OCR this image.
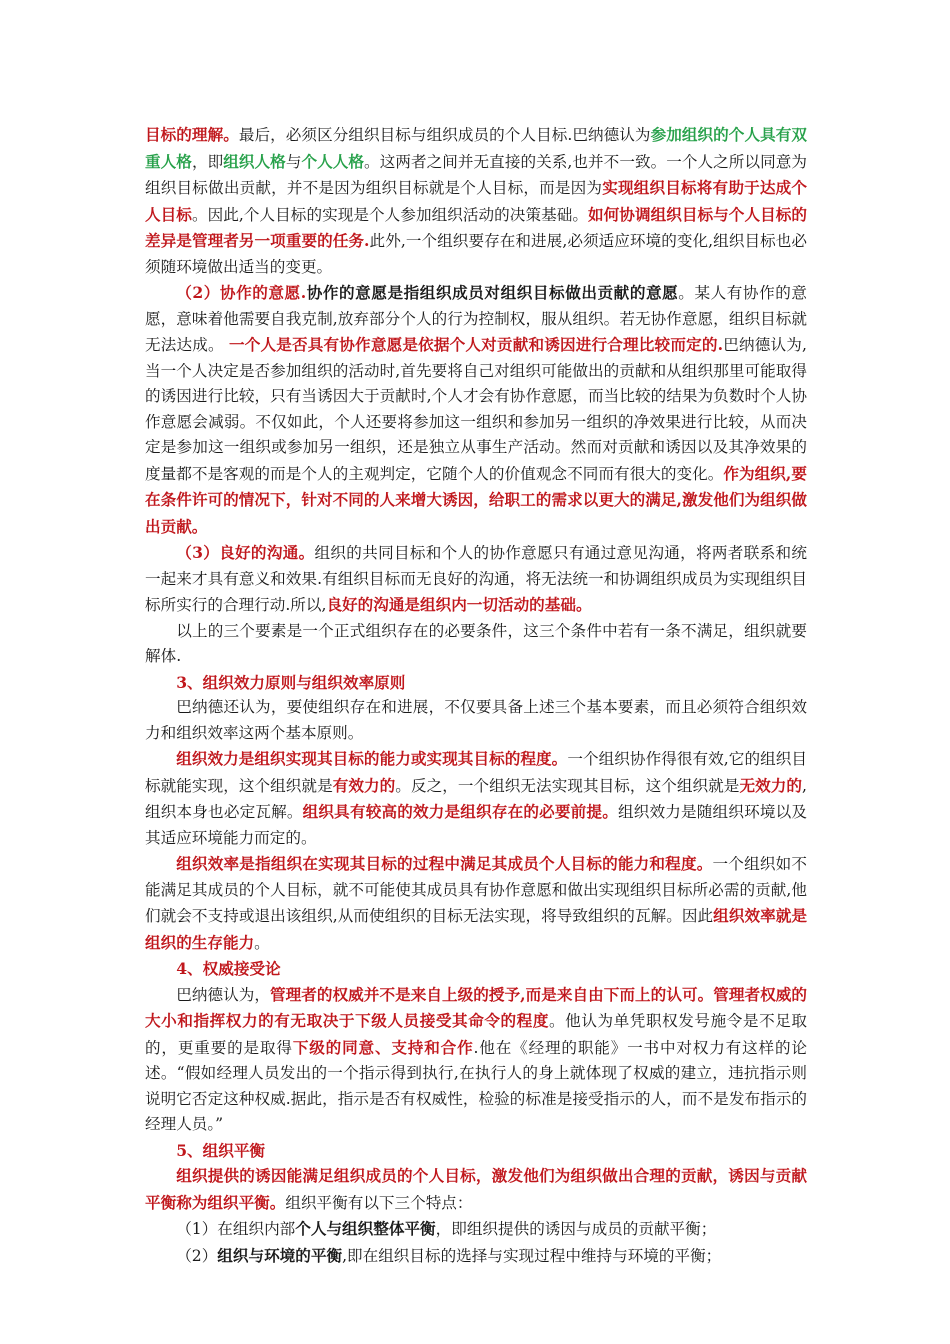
目标的理解。最后，必须区分组织目标与组织成员的个人目标.巴纳德认为参加组织的个人具有双重人格，即组织人格与个人人格。这两者之间并无直接的关系,也并不一致。一个人之所以同意为组织目标做出贡献，并不是因为组织目标就是个人目标，而是因为实现组织目标将有助于达成个人目标。因此,个人目标的实现是个人参加组织活动的决策基础。如何协调组织目标与个人目标的差异是管理者另一项重要的任务.此外,一个组织要存在和进展,必须适应环境的变化,组织目标也必须随环境做出适当的变更。

（2）协作的意愿.协作的意愿是指组织成员对组织目标做出贡献的意愿。某人有协作的意愿，意味着他需要自我克制,放弃部分个人的行为控制权，服从组织。若无协作意愿，组织目标就无法达成。 一个人是否具有协作意愿是依据个人对贡献和诱因进行合理比较而定的.巴纳德认为,当一个人决定是否参加组织的活动时,首先要将自己对组织可能做出的贡献和从组织那里可能取得的诱因进行比较，只有当诱因大于贡献时,个人才会有协作意愿，而当比较的结果为负数时个人协作意愿会减弱。不仅如此，个人还要将参加这一组织和参加另一组织的净效果进行比较，从而决定是参加这一组织或参加另一组织，还是独立从事生产活动。然而对贡献和诱因以及其净效果的度量都不是客观的而是个人的主观判定，它随个人的价值观念不同而有很大的变化。作为组织,要在条件许可的情况下，针对不同的人来增大诱因，给职工的需求以更大的满足,激发他们为组织做出贡献。

（3）良好的沟通。组织的共同目标和个人的协作意愿只有通过意见沟通，将两者联系和统一起来才具有意义和效果.有组织目标而无良好的沟通，将无法统一和协调组织成员为实现组织目标所实行的合理行动.所以,良好的沟通是组织内一切活动的基础。

以上的三个要素是一个正式组织存在的必要条件，这三个条件中若有一条不满足，组织就要解体.

3、组织效力原则与组织效率原则

巴纳德还认为，要使组织存在和进展，不仅要具备上述三个基本要素，而且必须符合组织效力和组织效率这两个基本原则。

组织效力是组织实现其目标的能力或实现其目标的程度。一个组织协作得很有效,它的组织目标就能实现，这个组织就是有效力的。反之，一个组织无法实现其目标，这个组织就是无效力的,组织本身也必定瓦解。组织具有较高的效力是组织存在的必要前提。组织效力是随组织环境以及其适应环境能力而定的。

组织效率是指组织在实现其目标的过程中满足其成员个人目标的能力和程度。一个组织如不能满足其成员的个人目标，就不可能使其成员具有协作意愿和做出实现组织目标所必需的贡献,他们就会不支持或退出该组织,从而使组织的目标无法实现，将导致组织的瓦解。因此组织效率就是组织的生存能力。

4、权威接受论

巴纳德认为，管理者的权威并不是来自上级的授予,而是来自由下而上的认可。管理者权威的大小和指挥权力的有无取决于下级人员接受其命令的程度。他认为单凭职权发号施令是不足取的，更重要的是取得下级的同意、支持和合作.他在《经理的职能》一书中对权力有这样的论述。“假如经理人员发出的一个指示得到执行,在执行人的身上就体现了权威的建立，违抗指示则说明它否定这种权威.据此，指示是否有权威性，检验的标准是接受指示的人，而不是发布指示的经理人员。”

5、组织平衡

组织提供的诱因能满足组织成员的个人目标，激发他们为组织做出合理的贡献，诱因与贡献平衡称为组织平衡。组织平衡有以下三个特点：

（1）在组织内部个人与组织整体平衡，即组织提供的诱因与成员的贡献平衡；

（2）组织与环境的平衡,即在组织目标的选择与实现过程中维持与环境的平衡；
